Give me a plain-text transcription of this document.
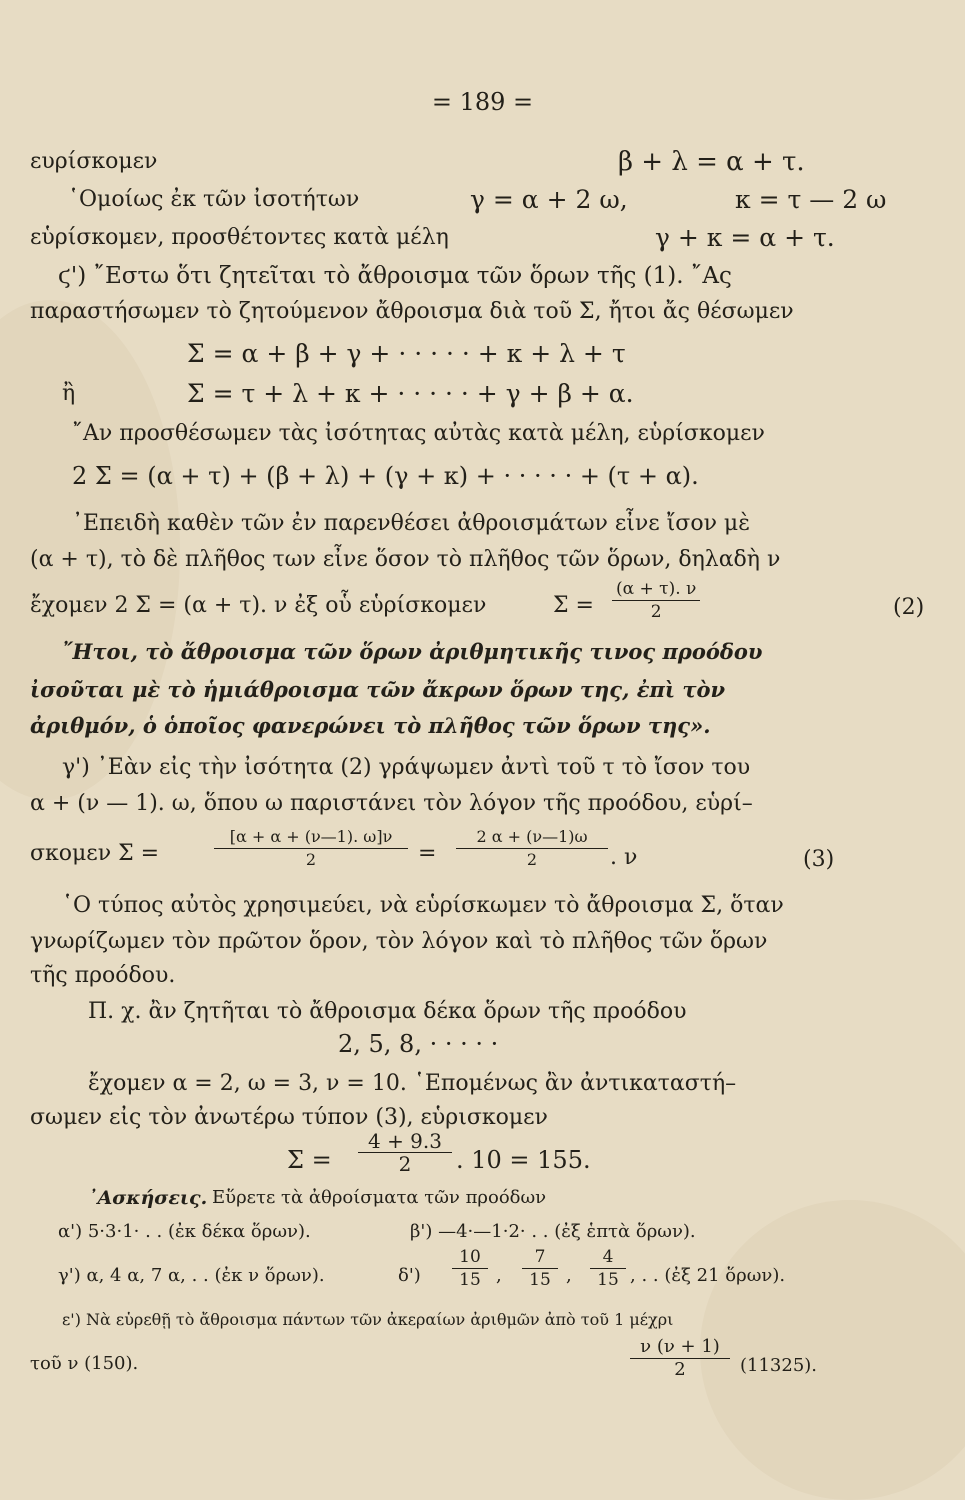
= 189 =
ευρίσκομεν	β + λ = α + τ.
῾Ομοίως ἐκ τῶν ἰσοτήτων	γ = α + 2 ω,	κ = τ — 2 ω
εὑρίσκομεν, προσθέτοντες κατὰ μέλη	γ + κ = α + τ.
ϛ') ῎Εστω ὅτι ζητεῖται τὸ ἄθροισμα τῶν ὅρων τῆς (1). ῎Ας
παραστήσωμεν τὸ ζητούμενον ἄθροισμα διὰ τοῦ Σ, ἤτοι ἄς θέσωμεν
Σ = α + β + γ + · · · · · + κ + λ + τ
ἢ	Σ = τ + λ + κ + · · · · · + γ + β + α.
῎Αν προσθέσωμεν τὰς ἰσότητας αὐτὰς κατὰ μέλη, εὑρίσκομεν
2 Σ = (α + τ) + (β + λ) + (γ + κ) + · · · · · + (τ + α).
᾿Επειδὴ καθὲν τῶν ἐν παρενθέσει ἀθροισμάτων εἶνε ἴσον μὲ
(α + τ), τὸ δὲ πλῆθος των εἶνε ὅσον τὸ πλῆθος τῶν ὅρων, δηλαδὴ ν
ἔχομεν 2 Σ = (α + τ). ν ἐξ οὗ εὑρίσκομεν	$\Sigma = \frac{(\alpha + \tau). \nu}{2}$	(2)
῎Ητοι, τὸ ἄθροισμα τῶν ὅρων ἀριθμητικῆς τινος προόδου
ἰσοῦται μὲ τὸ ἡμιάθροισμα τῶν ἄκρων ὅρων της, ἐπὶ τὸν
ἀριθμόν, ὁ ὁποῖος φανερώνει τὸ πλῆθος τῶν ὅρων της».
γ') ᾿Εὰν εἰς τὴν ἰσότητα (2) γράψωμεν ἀντὶ τοῦ τ τὸ ἴσον του
α + (ν — 1). ω, ὅπου ω παριστάνει τὸν λόγον τῆς προόδου, εὑρί–
σκομεν Σ =	$\frac{[\alpha + \alpha + (\nu—1). \omega]\nu}{2} = \frac{2 \alpha + (\nu—1)\omega}{2}$ . ν	(3)
῾Ο τύπος αὐτὸς χρησιμεύει, νὰ εὑρίσκωμεν τὸ ἄθροισμα Σ, ὅταν
γνωρίζωμεν τὸν πρῶτον ὅρον, τὸν λόγον καὶ τὸ πλῆθος τῶν ὅρων
τῆς προόδου.
Π. χ. ἂν ζητῆται τὸ ἄθροισμα δέκα ὅρων τῆς προόδου
2, 5, 8, · · · · ·
ἔχομεν α = 2, ω = 3, ν = 10. ῾Επομένως ἂν ἀντικαταστή–
σωμεν εἰς τὸν ἀνωτέρω τύπον (3), εὑρισκομεν
$\Sigma = \frac{4 + 9.3}{2}$ . 10 = 155.
᾿Ασκήσεις. Εὕρετε τὰ ἀθροίσματα τῶν προόδων
α') 5·3·1· . . (ἐκ δέκα ὅρων).	β') —4·—1·2· . . (ἐξ ἑπτὰ ὅρων).
γ') α, 4 α, 7 α, . . (ἐκ ν ὅρων).	$\delta') \frac{10}{15}$ , $\frac{7}{15}$ , $\frac{4}{15}$ , . . (ἐξ 21 ὅρων).
ε') Νὰ εὑρεθῇ τὸ ἄθροισμα πάντων τῶν ἀκεραίων ἀριθμῶν ἀπὸ τοῦ 1 μέχρι
τοῦ ν (150).	$\frac{\nu (\nu + 1)}{2} (11325)$.
